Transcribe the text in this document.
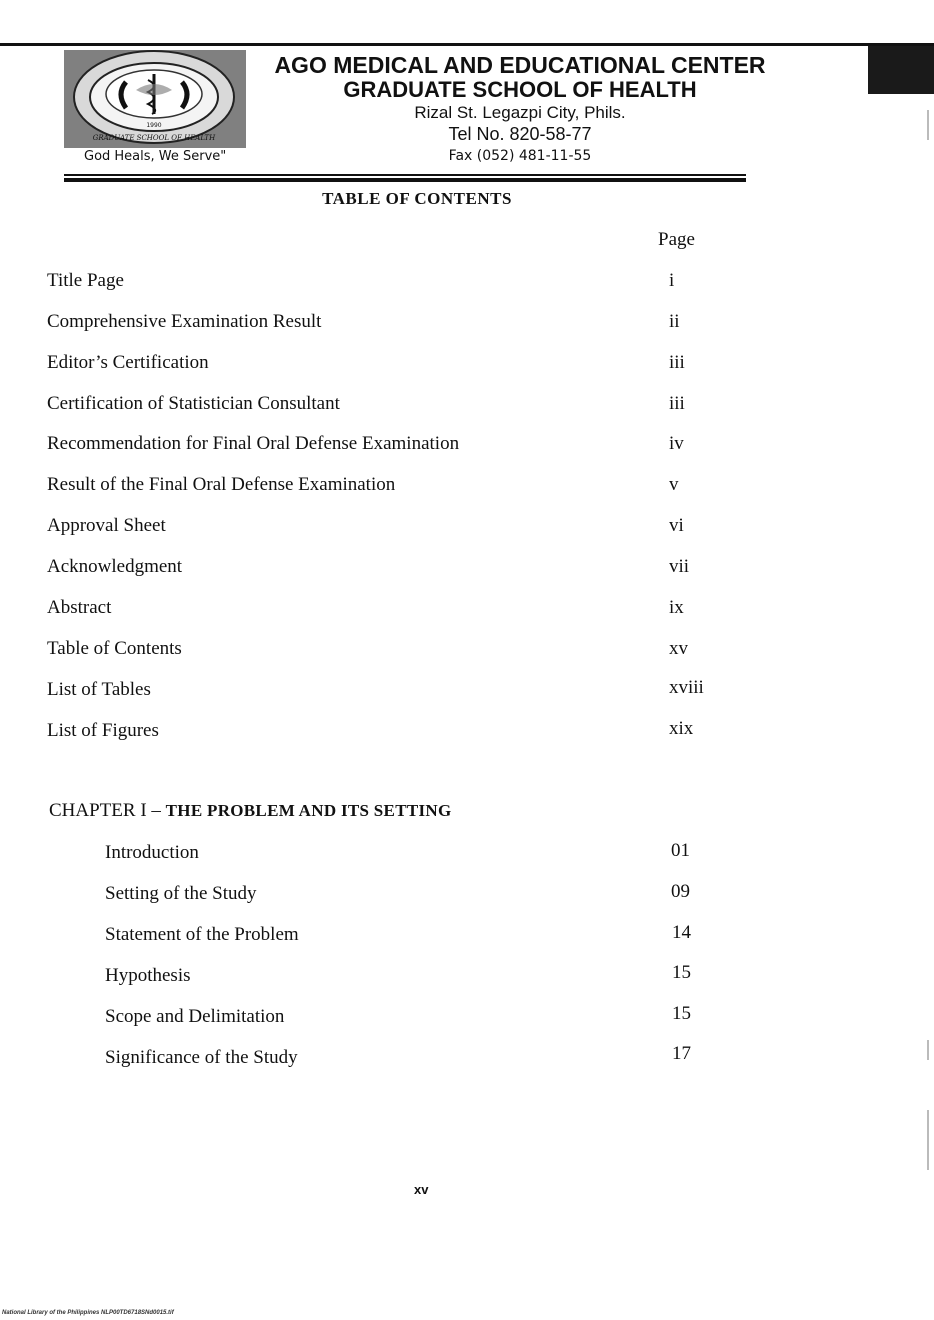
1990
GRADUATE SCHOOL OF HEALTH
God Heals, We Serve"
AGO MEDICAL AND EDUCATIONAL CENTER
GRADUATE SCHOOL OF HEALTH
Rizal St. Legazpi City, Phils.
Tel No. 820-58-77
Fax (052) 481-11-55
TABLE OF CONTENTS
Page
Title Page	i
Comprehensive Examination Result	ii
Editor’s Certification	iii
Certification of Statistician Consultant	iii
Recommendation for Final Oral Defense Examination	iv
Result of the Final Oral Defense Examination	v
Approval Sheet	vi
Acknowledgment	vii
Abstract	ix
Table of Contents	xv
List of Tables	xviii
List of Figures	xix
CHAPTER I – THE PROBLEM AND ITS SETTING
Introduction	01
Setting of the Study	09
Statement of the Problem	14
Hypothesis	15
Scope and Delimitation	15
Significance of the Study	17
xv
National Library of the Philippines NLP00TD6718SNd0015.tif
